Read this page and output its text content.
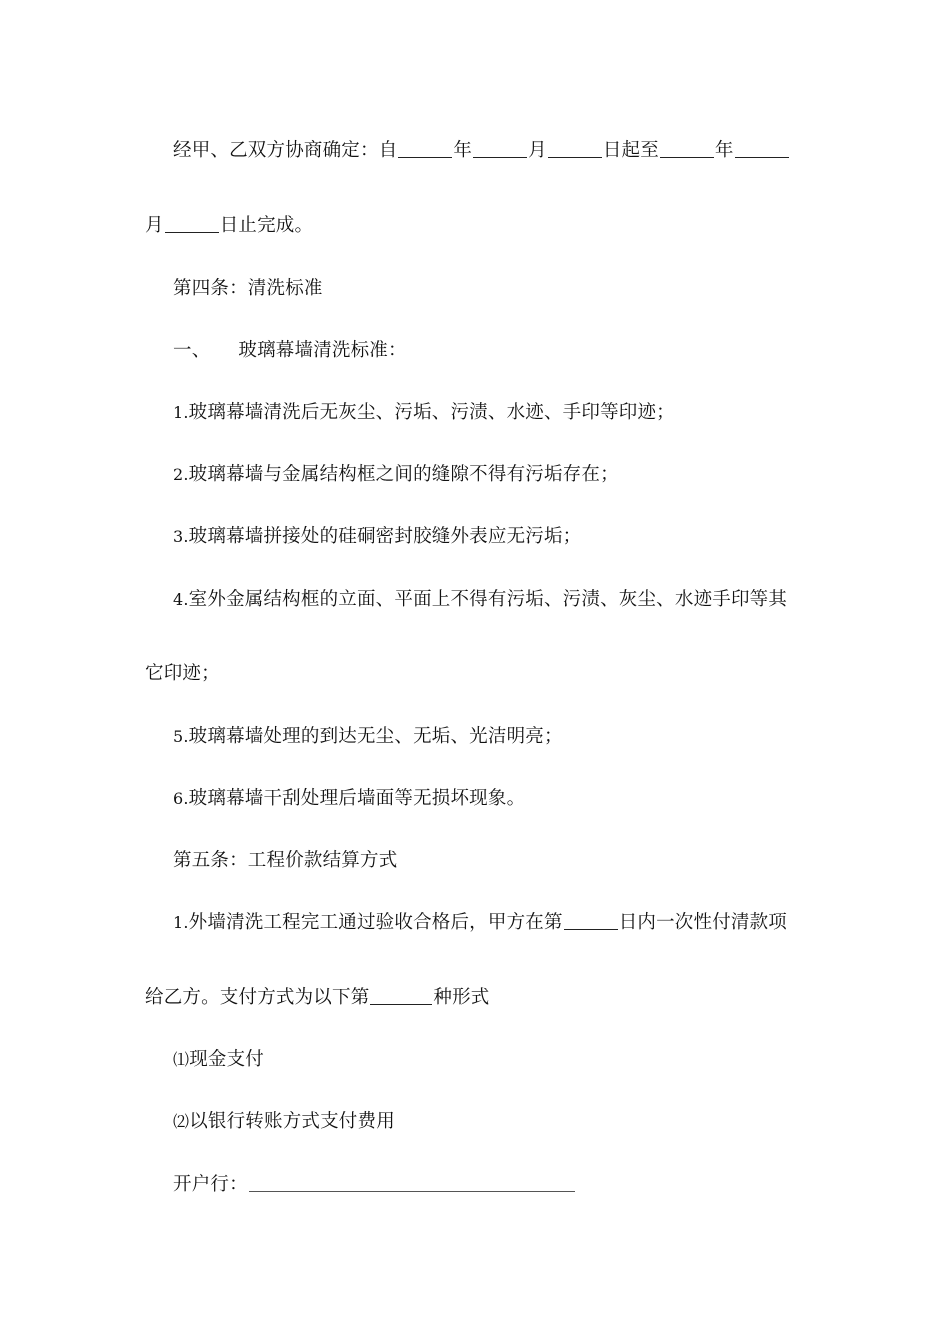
经甲、乙双方协商确定：自	年	月	日起至	年
月	日止完成。
第四条：清洗标准
一、 玻璃幕墙清洗标准：
1.玻璃幕墙清洗后无灰尘、污垢、污渍、水迹、手印等印迹；
2.玻璃幕墙与金属结构框之间的缝隙不得有污垢存在；
3.玻璃幕墙拼接处的硅硐密封胶缝外表应无污垢；
4.室外金属结构框的立面、平面上不得有污垢、污渍、灰尘、水迹手印等其
它印迹；
5.玻璃幕墙处理的到达无尘、无垢、光洁明亮；
6.玻璃幕墙干刮处理后墙面等无损坏现象。
第五条：工程价款结算方式
1.外墙清洗工程完工通过验收合格后，甲方在第	日内一次性付清款项
给乙方。支付方式为以下第	种形式
⑴现金支付
⑵以银行转账方式支付费用
开户行：
